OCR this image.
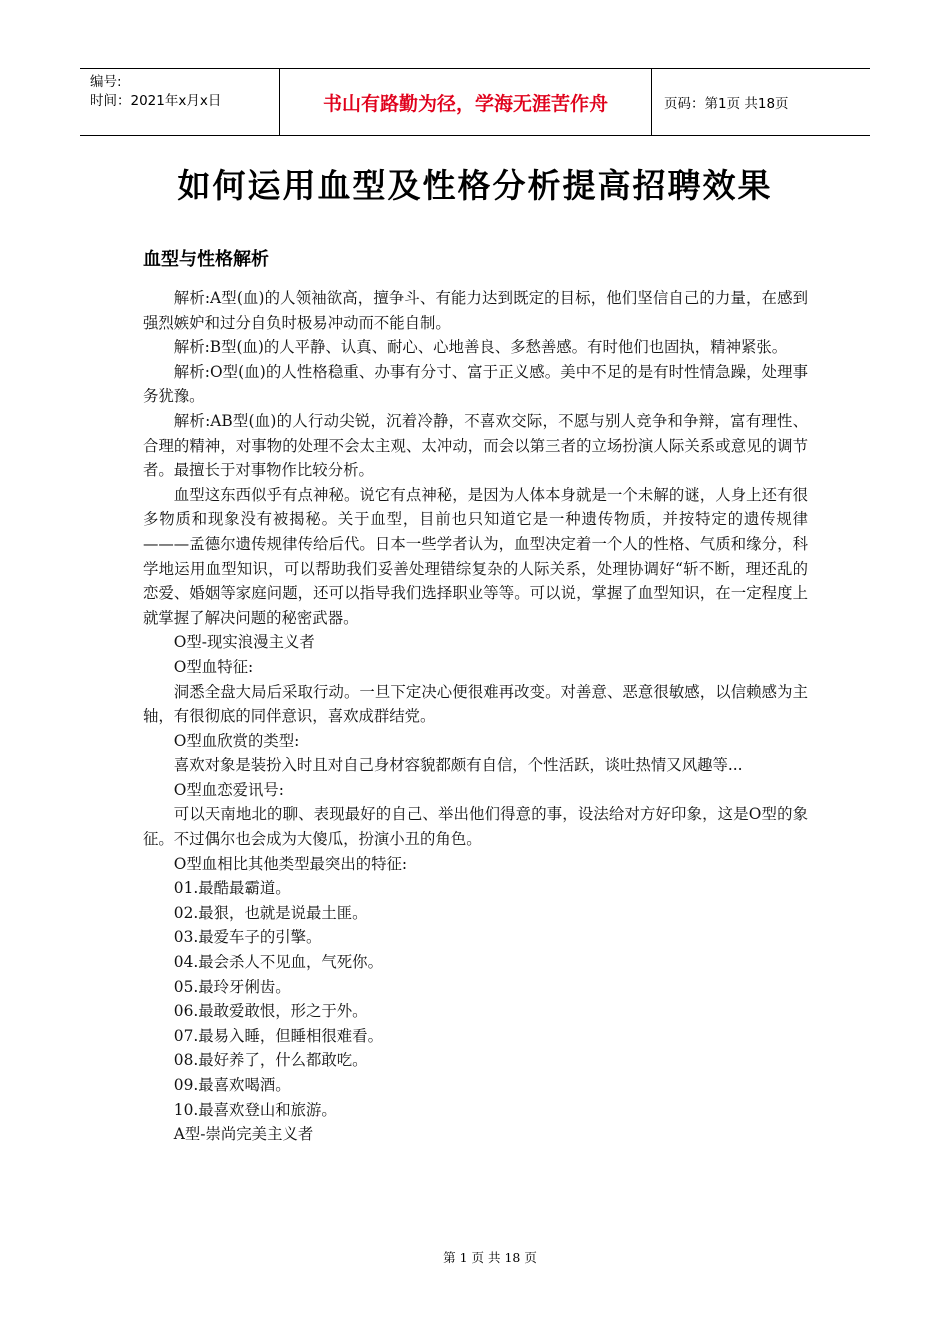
编号:
时间：2021年x月x日	书山有路勤为径，学海无涯苦作舟	页码：第1页 共18页
如何运用血型及性格分析提高招聘效果
血型与性格解析

解析:A型(血)的人领袖欲高，擅争斗、有能力达到既定的目标，他们坚信自己的力量，在感到强烈嫉妒和过分自负时极易冲动而不能自制。

解析:B型(血)的人平静、认真、耐心、心地善良、多愁善感。有时他们也固执，精神紧张。

解析:O型(血)的人性格稳重、办事有分寸、富于正义感。美中不足的是有时性情急躁，处理事务犹豫。

解析:AB型(血)的人行动尖锐，沉着冷静，不喜欢交际，不愿与别人竞争和争辩，富有理性、合理的精神，对事物的处理不会太主观、太冲动，而会以第三者的立场扮演人际关系或意见的调节者。最擅长于对事物作比较分析。

血型这东西似乎有点神秘。说它有点神秘，是因为人体本身就是一个未解的谜，人身上还有很多物质和现象没有被揭秘。关于血型，目前也只知道它是一种遗传物质，并按特定的遗传规律———孟德尔遗传规律传给后代。日本一些学者认为，血型决定着一个人的性格、气质和缘分，科学地运用血型知识，可以帮助我们妥善处理错综复杂的人际关系，处理协调好“斩不断，理还乱的恋爱、婚姻等家庭问题，还可以指导我们选择职业等等。可以说，掌握了血型知识，在一定程度上就掌握了解决问题的秘密武器。

O型-现实浪漫主义者

O型血特征:

洞悉全盘大局后采取行动。一旦下定决心便很难再改变。对善意、恶意很敏感，以信赖感为主轴，有很彻底的同伴意识，喜欢成群结党。

O型血欣赏的类型:

喜欢对象是装扮入时且对自己身材容貌都颇有自信，个性活跃，谈吐热情又风趣等...

O型血恋爱讯号:

可以天南地北的聊、表现最好的自己、举出他们得意的事，设法给对方好印象，这是O型的象征。不过偶尔也会成为大傻瓜，扮演小丑的角色。

O型血相比其他类型最突出的特征:

01.最酷最霸道。

02.最狠，也就是说最土匪。

03.最爱车子的引擎。

04.最会杀人不见血，气死你。

05.最玲牙俐齿。

06.最敢爱敢恨，形之于外。

07.最易入睡，但睡相很难看。

08.最好养了，什么都敢吃。

09.最喜欢喝酒。

10.最喜欢登山和旅游。

A型-崇尚完美主义者

第 1 页 共 18 页
